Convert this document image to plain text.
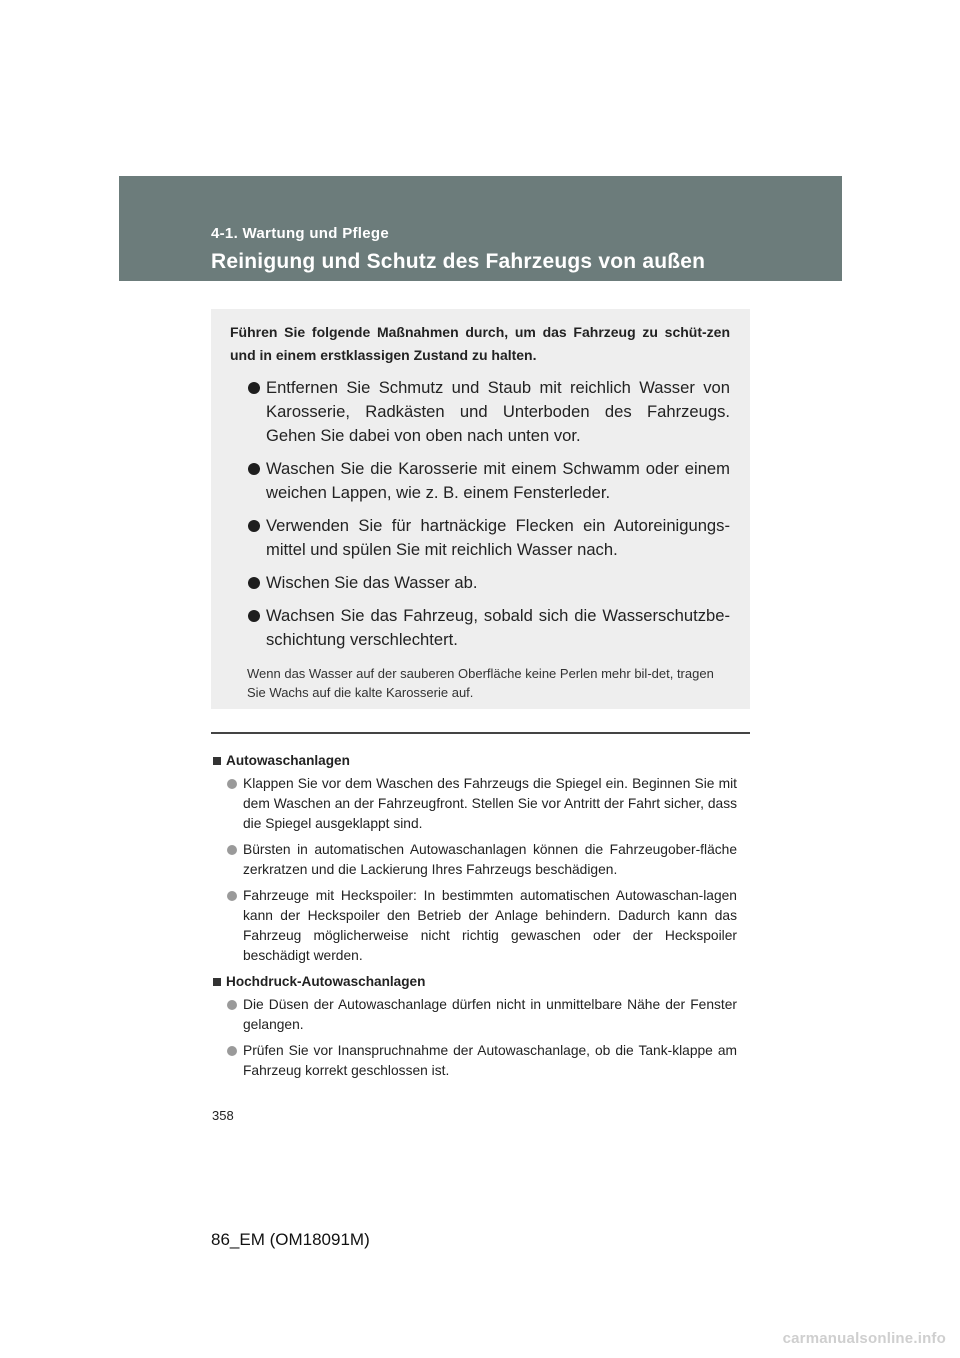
4-1. Wartung und Pflege
Reinigung und Schutz des Fahrzeugs von außen
Führen Sie folgende Maßnahmen durch, um das Fahrzeug zu schüt-zen und in einem erstklassigen Zustand zu halten.
Entfernen Sie Schmutz und Staub mit reichlich Wasser von Karosserie, Radkästen und Unterboden des Fahrzeugs. Gehen Sie dabei von oben nach unten vor.
Waschen Sie die Karosserie mit einem Schwamm oder einem weichen Lappen, wie z. B. einem Fensterleder.
Verwenden Sie für hartnäckige Flecken ein Autoreinigungs-mittel und spülen Sie mit reichlich Wasser nach.
Wischen Sie das Wasser ab.
Wachsen Sie das Fahrzeug, sobald sich die Wasserschutzbe-schichtung verschlechtert.
Wenn das Wasser auf der sauberen Oberfläche keine Perlen mehr bil-det, tragen Sie Wachs auf die kalte Karosserie auf.
Autowaschanlagen
Klappen Sie vor dem Waschen des Fahrzeugs die Spiegel ein. Beginnen Sie mit dem Waschen an der Fahrzeugfront. Stellen Sie vor Antritt der Fahrt sicher, dass die Spiegel ausgeklappt sind.
Bürsten in automatischen Autowaschanlagen können die Fahrzeugober-fläche zerkratzen und die Lackierung Ihres Fahrzeugs beschädigen.
Fahrzeuge mit Heckspoiler: In bestimmten automatischen Autowaschan-lagen kann der Heckspoiler den Betrieb der Anlage behindern. Dadurch kann das Fahrzeug möglicherweise nicht richtig gewaschen oder der Heckspoiler beschädigt werden.
Hochdruck-Autowaschanlagen
Die Düsen der Autowaschanlage dürfen nicht in unmittelbare Nähe der Fenster gelangen.
Prüfen Sie vor Inanspruchnahme der Autowaschanlage, ob die Tank-klappe am Fahrzeug korrekt geschlossen ist.
358
86_EM (OM18091M)
carmanualsonline.info
